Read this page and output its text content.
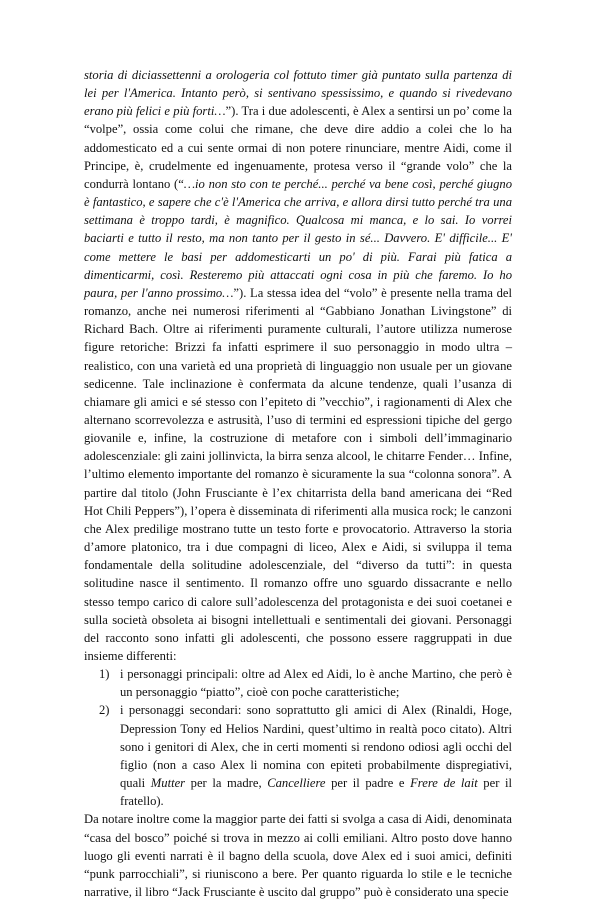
storia di diciassettenni a orologeria col fottuto timer già puntato sulla partenza di lei per l'America. Intanto però, si sentivano spessissimo, e quando si rivedevano erano più felici e più forti…”). Tra i due adolescenti, è Alex a sentirsi un po’ come la “volpe”, ossia come colui che rimane, che deve dire addio a colei che lo ha addomesticato ed a cui sente ormai di non potere rinunciare, mentre Aidi, come il Principe, è, crudelmente ed ingenuamente, protesa verso il “grande volo” che la condurrà lontano (“…io non sto con te perché... perché va bene così, perché giugno è fantastico, e sapere che c'è l'America che arriva, e allora dirsi tutto perché tra una settimana è troppo tardi, è magnifico. Qualcosa mi manca, e lo sai. Io vorrei baciarti e tutto il resto, ma non tanto per il gesto in sé... Davvero. E' difficile... E' come mettere le basi per addomesticarti un po' di più. Farai più fatica a dimenticarmi, così. Resteremo più attaccati ogni cosa in più che faremo. Io ho paura, per l'anno prossimo…”). La stessa idea del “volo” è presente nella trama del romanzo, anche nei numerosi riferimenti al “Gabbiano Jonathan Livingstone” di Richard Bach. Oltre ai riferimenti puramente culturali, l’autore utilizza numerose figure retoriche: Brizzi fa infatti esprimere il suo personaggio in modo ultra – realistico, con una varietà ed una proprietà di linguaggio non usuale per un giovane sedicenne. Tale inclinazione è confermata da alcune tendenze, quali l’usanza di chiamare gli amici e sé stesso con l’epiteto di ”vecchio”, i ragionamenti di Alex che alternano scorrevolezza e astrusità, l’uso di termini ed espressioni tipiche del gergo giovanile e, infine, la costruzione di metafore con i simboli dell’immaginario adolescenziale: gli zaini jollinvicta, la birra senza alcool, le chitarre Fender… Infine, l’ultimo elemento importante del romanzo è sicuramente la sua “colonna sonora”. A partire dal titolo (John Frusciante è l’ex chitarrista della band americana dei “Red Hot Chili Peppers”), l’opera è disseminata di riferimenti alla musica rock; le canzoni che Alex predilige mostrano tutte un testo forte e provocatorio. Attraverso la storia d’amore platonico, tra i due compagni di liceo, Alex e Aidi, si sviluppa il tema fondamentale della solitudine adolescenziale, del “diverso da tutti”: in questa solitudine nasce il sentimento. Il romanzo offre uno sguardo dissacrante e nello stesso tempo carico di calore sull’adolescenza del protagonista e dei suoi coetanei e sulla società obsoleta ai bisogni intellettuali e sentimentali dei giovani. Personaggi del racconto sono infatti gli adolescenti, che possono essere raggruppati in due insieme differenti:

1) i personaggi principali: oltre ad Alex ed Aidi, lo è anche Martino, che però è un personaggio “piatto”, cioè con poche caratteristiche;
2) i personaggi secondari: sono soprattutto gli amici di Alex (Rinaldi, Hoge, Depression Tony ed Helios Nardini, quest’ultimo in realtà poco citato). Altri sono i genitori di Alex, che in certi momenti si rendono odiosi agli occhi del figlio (non a caso Alex li nomina con epiteti probabilmente dispregiativi, quali Mutter per la madre, Cancelliere per il padre e Frere de lait per il fratello).

Da notare inoltre come la maggior parte dei fatti si svolga a casa di Aidi, denominata “casa del bosco” poiché si trova in mezzo ai colli emiliani. Altro posto dove hanno luogo gli eventi narrati è il bagno della scuola, dove Alex ed i suoi amici, definiti “punk parrocchiali”, si riuniscono a bere. Per quanto riguarda lo stile e le tecniche narrative, il libro “Jack Frusciante è uscito dal gruppo” può è considerato una specie
